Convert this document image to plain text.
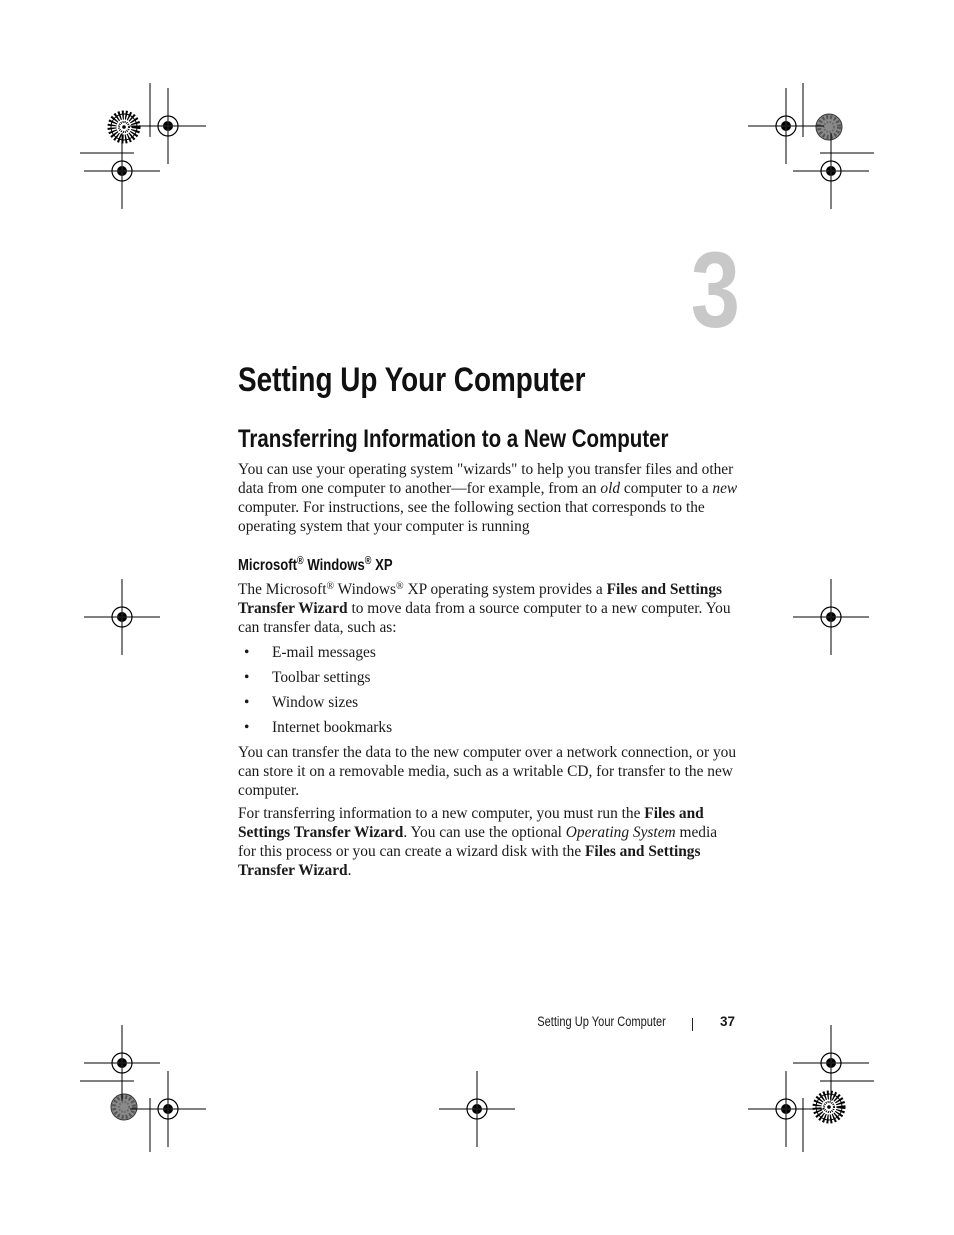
3
Setting Up Your Computer
Transferring Information to a New Computer

You can use your operating system "wizards" to help you transfer files and other data from one computer to another—for example, from an old computer to a new computer. For instructions, see the following section that corresponds to the operating system that your computer is running

Microsoft® Windows® XP

The Microsoft® Windows® XP operating system provides a Files and Settings Transfer Wizard to move data from a source computer to a new computer. You can transfer data, such as:

• E-mail messages
• Toolbar settings
• Window sizes
• Internet bookmarks

You can transfer the data to the new computer over a network connection, or you can store it on a removable media, such as a writable CD, for transfer to the new computer.

For transferring information to a new computer, you must run the Files and Settings Transfer Wizard. You can use the optional Operating System media for this process or you can create a wizard disk with the Files and Settings Transfer Wizard.

Setting Up Your Computer	37
